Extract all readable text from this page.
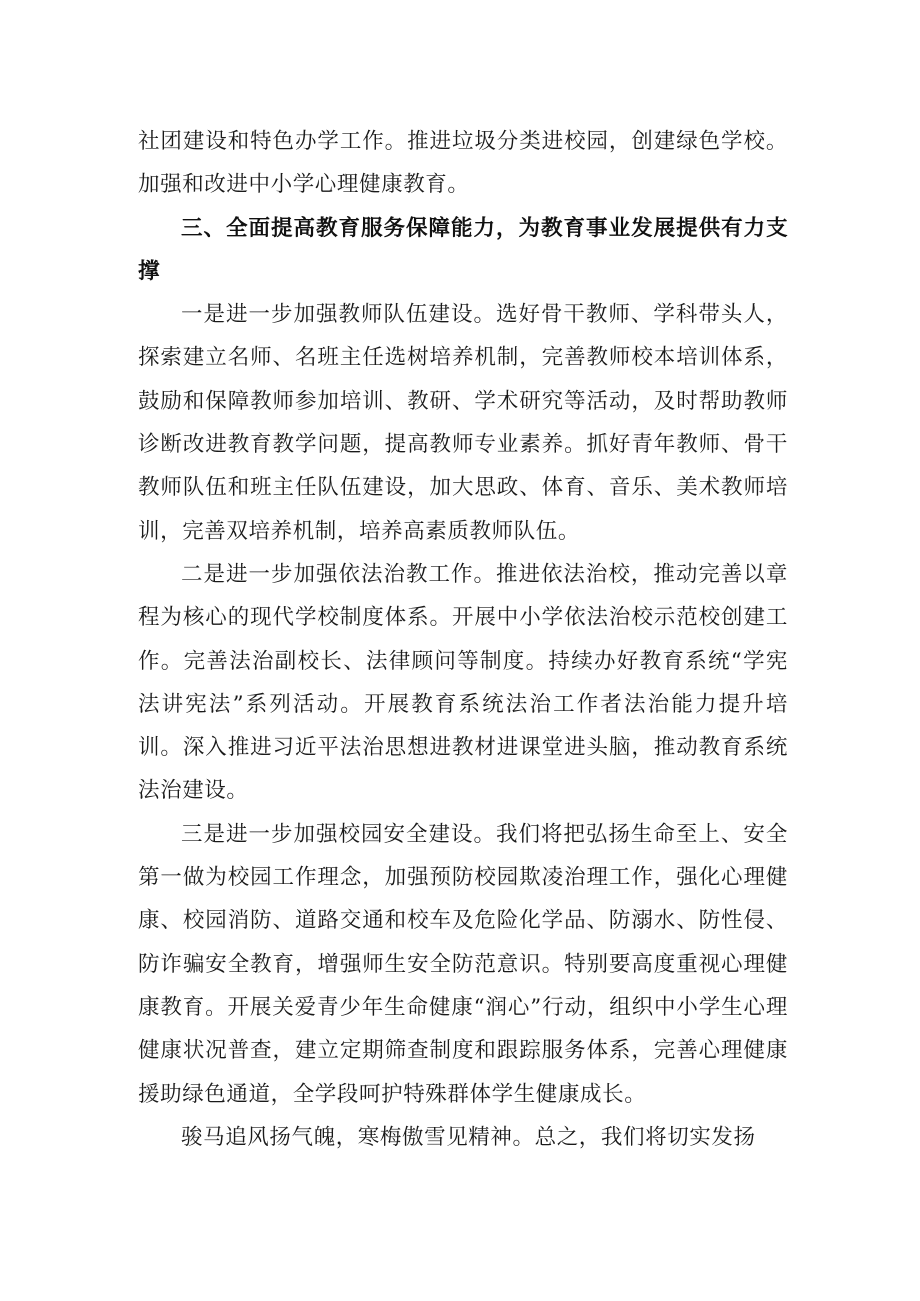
社团建设和特色办学工作。推进垃圾分类进校园，创建绿色学校。加强和改进中小学心理健康教育。

三、全面提高教育服务保障能力，为教育事业发展提供有力支撑

一是进一步加强教师队伍建设。选好骨干教师、学科带头人，探索建立名师、名班主任选树培养机制，完善教师校本培训体系，鼓励和保障教师参加培训、教研、学术研究等活动，及时帮助教师诊断改进教育教学问题，提高教师专业素养。抓好青年教师、骨干教师队伍和班主任队伍建设，加大思政、体育、音乐、美术教师培训，完善双培养机制，培养高素质教师队伍。

二是进一步加强依法治教工作。推进依法治校，推动完善以章程为核心的现代学校制度体系。开展中小学依法治校示范校创建工作。完善法治副校长、法律顾问等制度。持续办好教育系统“学宪法讲宪法”系列活动。开展教育系统法治工作者法治能力提升培训。深入推进习近平法治思想进教材进课堂进头脑，推动教育系统法治建设。

三是进一步加强校园安全建设。我们将把弘扬生命至上、安全第一做为校园工作理念，加强预防校园欺凌治理工作，强化心理健康、校园消防、道路交通和校车及危险化学品、防溺水、防性侵、防诈骗安全教育，增强师生安全防范意识。特别要高度重视心理健康教育。开展关爱青少年生命健康“润心”行动，组织中小学生心理健康状况普查，建立定期筛查制度和跟踪服务体系，完善心理健康援助绿色通道，全学段呵护特殊群体学生健康成长。

骏马追风扬气魄，寒梅傲雪见精神。总之，我们将切实发扬
